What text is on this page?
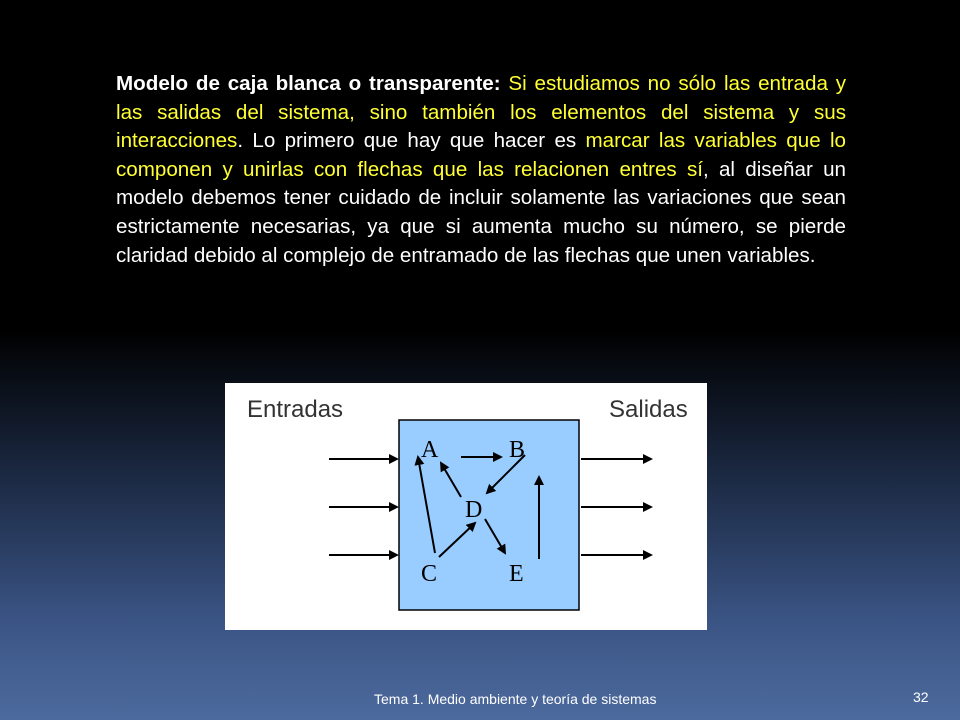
Modelo de caja blanca o transparente: Si estudiamos no sólo las entrada y las salidas del sistema, sino también los elementos del sistema y sus interacciones. Lo primero que hay que hacer es marcar las variables que lo componen y unirlas con flechas que las relacionen entres sí, al diseñar un modelo debemos tener cuidado de incluir solamente las variaciones que sean estrictamente necesarias, ya que si aumenta mucho su número, se pierde claridad debido al complejo de entramado de las flechas que unen variables.

Entradas	Salidas
A	B
D
C	E
Tema 1. Medio ambiente y teoría de sistemas	32
